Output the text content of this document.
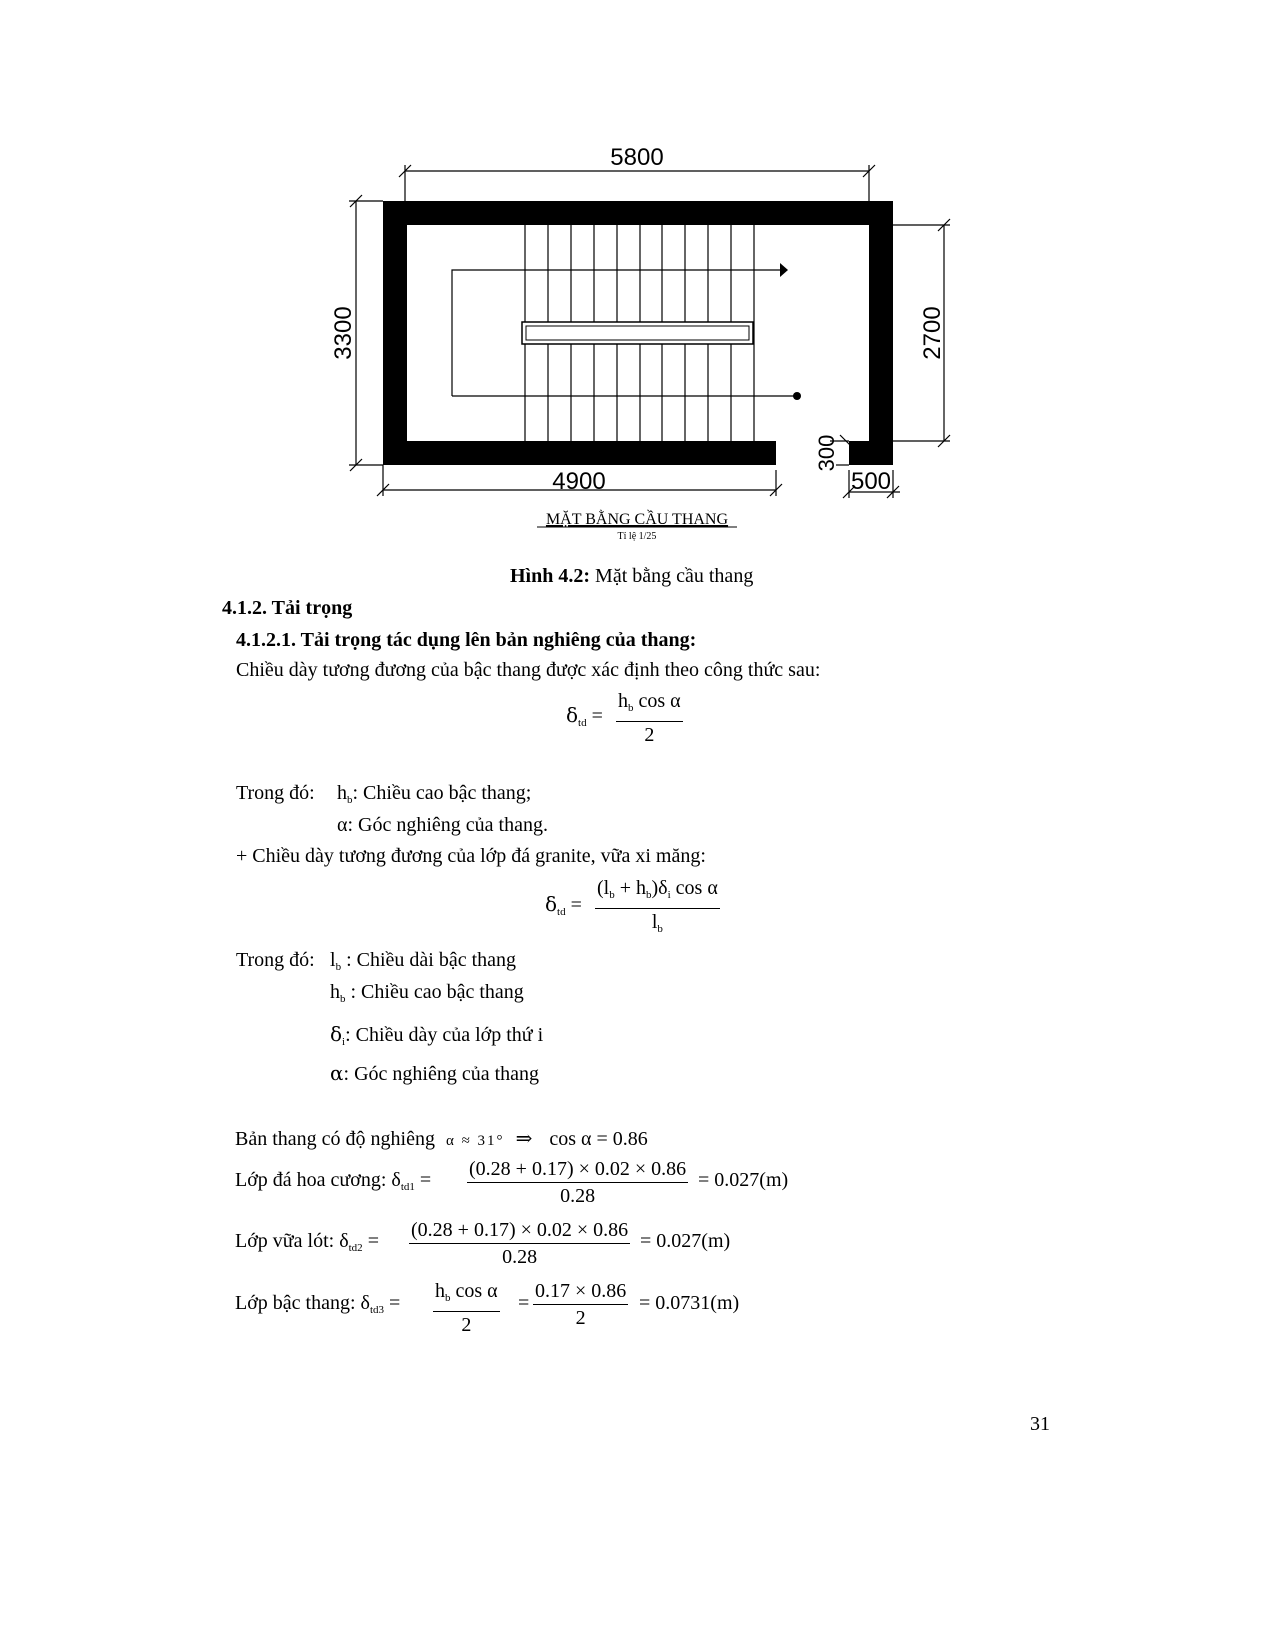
5800
3300	2700
4900
300
500
MẶT BẰNG CẦU THANG
Tỉ lệ 1/25
Hình 4.2: Mặt bằng cầu thang
4.1.2. Tải trọng
4.1.2.1. Tải trọng tác dụng lên bản nghiêng của thang:
Chiều dày tương đương của bậc thang được xác định theo công thức sau:
$\delta_{td} = \frac{h_b \cos \alpha}{2}$
Trong đó: $h_b$: Chiều cao bậc thang;
α: Góc nghiêng của thang.
+ Chiều dày tương đương của lớp đá granite, vữa xi măng:
$\delta_{td} = \frac{(l_b + h_b)\delta_i \cos \alpha}{l_b}$
Trong đó: $l_b$ : Chiều dài bậc thang
$h_b$ : Chiều cao bậc thang
$\delta_i$: Chiều dày của lớp thứ i
α: Góc nghiêng của thang
Bản thang có độ nghiêng α ≈ 31° ⇒ cos α = 0.86
Lớp đá hoa cương: $\delta_{td1} = \frac{(0.28 + 0.17) \times 0.02 \times 0.86}{0.28} = 0.027(m)$
Lớp vữa lót: $\delta_{td2} = \frac{(0.28 + 0.17) \times 0.02 \times 0.86}{0.28} = 0.027(m)$
Lớp bậc thang: $\delta_{td3} = \frac{h_b \cos \alpha}{2} = \frac{0.17 \times 0.86}{2} = 0.0731(m)$
31
